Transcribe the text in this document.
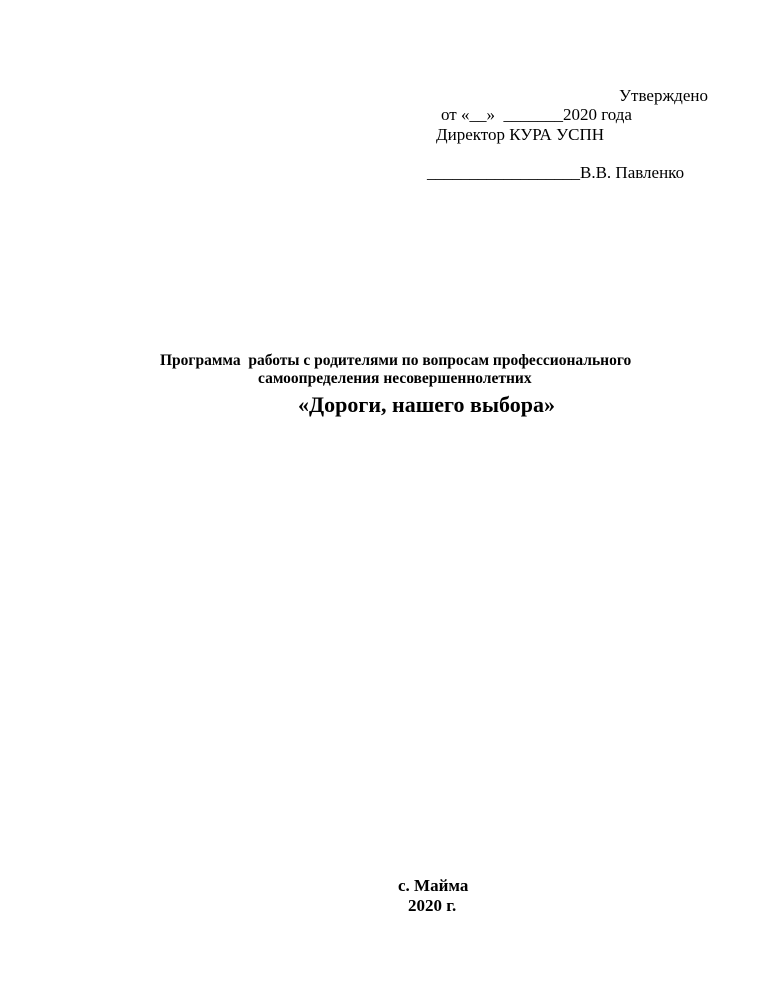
Утверждено
от «__»  _______2020 года
Директор КУРА УСПН
__________________В.В. Павленко
Программа  работы с родителями по вопросам профессионального
самоопределения несовершеннолетних
«Дороги, нашего выбора»
с. Майма
2020 г.
